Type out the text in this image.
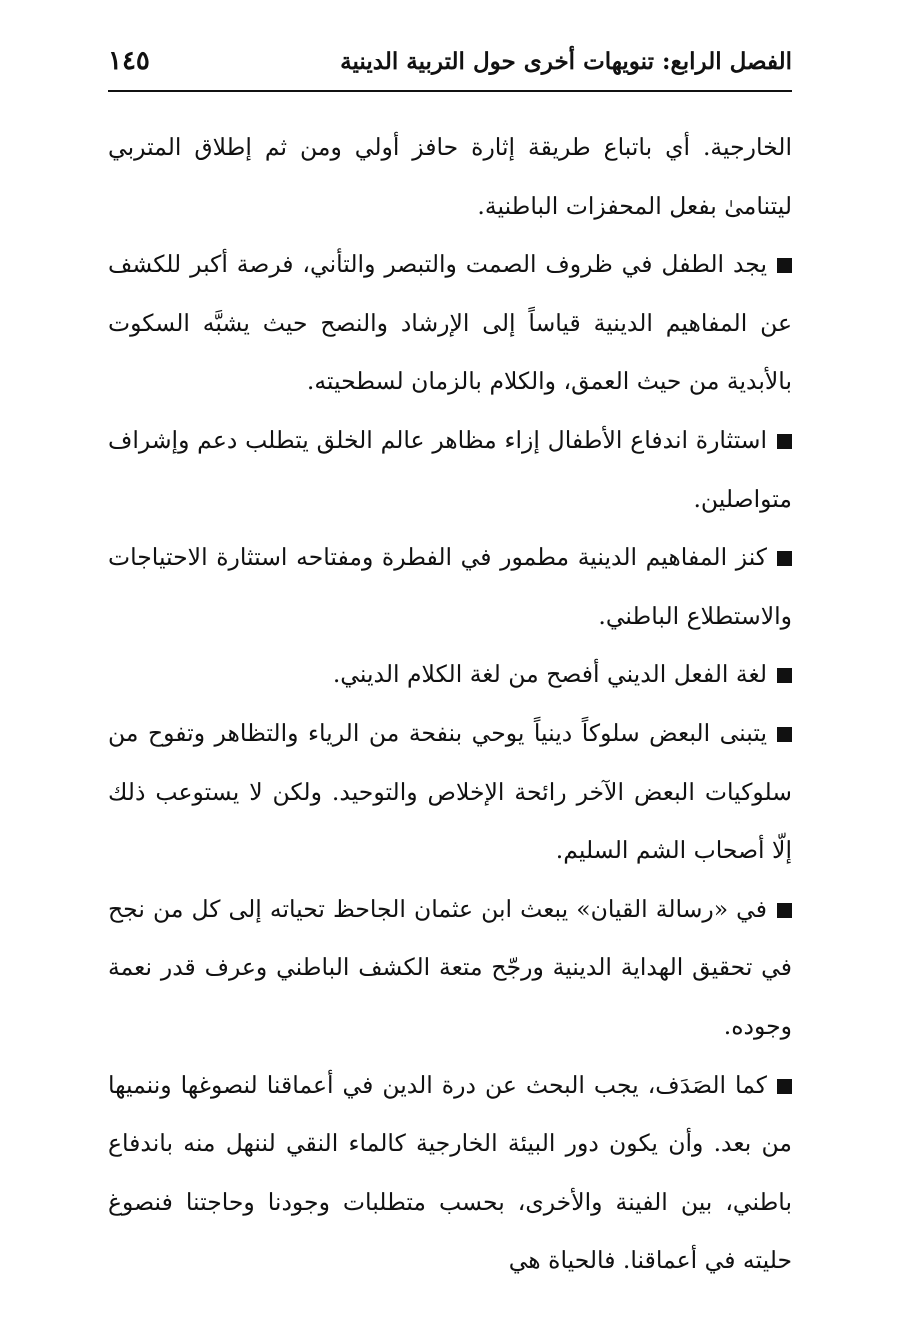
الفصل الرابع: تنويهات أخرى حول التربية الدينية
١٤٥

الخارجية. أي باتباع طريقة إثارة حافز أولي ومن ثم إطلاق المتربي ليتنامىٰ بفعل المحفزات الباطنية.

يجد الطفل في ظروف الصمت والتبصر والتأني، فرصة أكبر للكشف عن المفاهيم الدينية قياساً إلى الإرشاد والنصح حيث يشبَّه السكوت بالأبدية من حيث العمق، والكلام بالزمان لسطحيته.

استثارة اندفاع الأطفال إزاء مظاهر عالم الخلق يتطلب دعم وإشراف متواصلين.

كنز المفاهيم الدينية مطمور في الفطرة ومفتاحه استثارة الاحتياجات والاستطلاع الباطني.

لغة الفعل الديني أفصح من لغة الكلام الديني.

يتبنى البعض سلوكاً دينياً يوحي بنفحة من الرياء والتظاهر وتفوح من سلوكيات البعض الآخر رائحة الإخلاص والتوحيد. ولكن لا يستوعب ذلك إلّا أصحاب الشم السليم.

في «رسالة القيان» يبعث ابن عثمان الجاحظ تحياته إلى كل من نجح في تحقيق الهداية الدينية ورجّح متعة الكشف الباطني وعرف قدر نعمة وجوده.

كما الصَدَف، يجب البحث عن درة الدين في أعماقنا لنصوغها وننميها من بعد. وأن يكون دور البيئة الخارجية كالماء النقي لننهل منه باندفاع باطني، بين الفينة والأخرى، بحسب متطلبات وجودنا وحاجتنا فنصوغ حليته في أعماقنا. فالحياة هي
